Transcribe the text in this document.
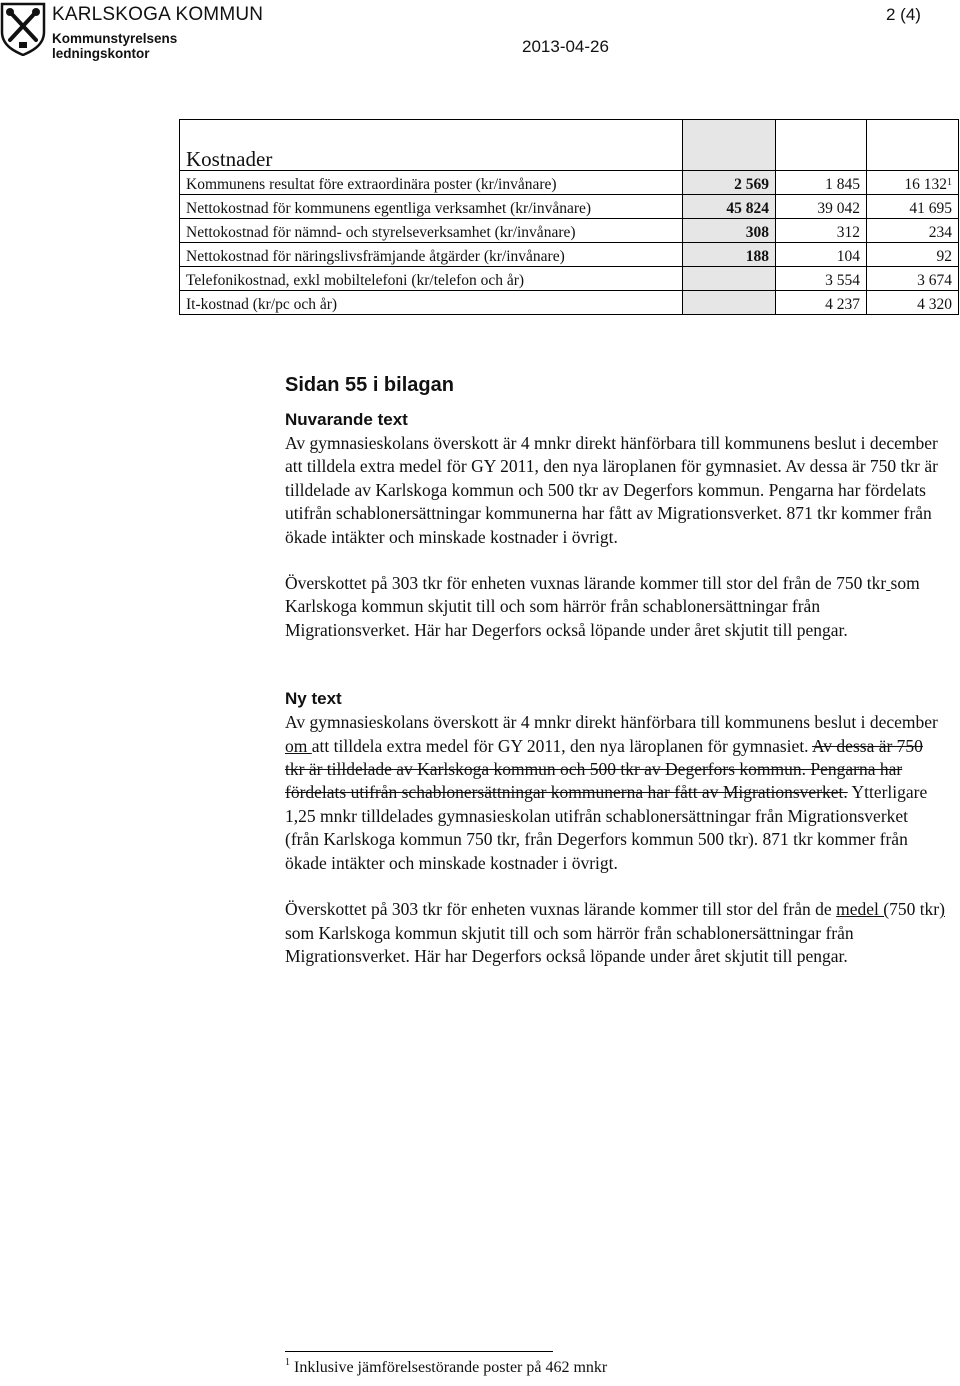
KARLSKOGA KOMMUN
Kommunstyrelsens ledningskontor
2 (4)
2013-04-26
Kostnader			
Kommunens resultat före extraordinära poster (kr/invånare)	2 569	1 845	16 132$^1$
Nettokostnad för kommunens egentliga verksamhet (kr/invånare)	45 824	39 042	41 695
Nettokostnad för nämnd- och styrelseverksamhet (kr/invånare)	308	312	234
Nettokostnad för näringslivsfrämjande åtgärder (kr/invånare)	188	104	92
Telefonikostnad, exkl mobiltelefoni (kr/telefon och år)		3 554	3 674
It-kostnad (kr/pc och år)		4 237	4 320
Sidan 55 i bilagan
Nuvarande text

Av gymnasieskolans överskott är 4 mnkr direkt hänförbara till kommunens beslut i december att tilldela extra medel för GY 2011, den nya läroplanen för gymnasiet. Av dessa är 750 tkr är tilldelade av Karlskoga kommun och 500 tkr av Degerfors kommun. Pengarna har fördelats utifrån schablonersättningar kommunerna har fått av Migrationsverket. 871 tkr kommer från ökade intäkter och minskade kostnader i övrigt.

Överskottet på 303 tkr för enheten vuxnas lärande kommer till stor del från de 750 tkr som Karlskoga kommun skjutit till och som härrör från schablonersättningar från Migrationsverket. Här har Degerfors också löpande under året skjutit till pengar.

Ny text

Av gymnasieskolans överskott är 4 mnkr direkt hänförbara till kommunens beslut i december om att tilldela extra medel för GY 2011, den nya läroplanen för gymnasiet. Av dessa är 750 tkr är tilldelade av Karlskoga kommun och 500 tkr av Degerfors kommun. Pengarna har fördelats utifrån schablonersättningar kommunerna har fått av Migrationsverket. Ytterligare 1,25 mnkr tilldelades gymnasieskolan utifrån schablonersättningar från Migrationsverket (från Karlskoga kommun 750 tkr, från Degerfors kommun 500 tkr). 871 tkr kommer från ökade intäkter och minskade kostnader i övrigt.

Överskottet på 303 tkr för enheten vuxnas lärande kommer till stor del från de medel (750 tkr) som Karlskoga kommun skjutit till och som härrör från schablonersättningar från Migrationsverket. Här har Degerfors också löpande under året skjutit till pengar.

$^1$ Inklusive jämförelsestörande poster på 462 mnkr
